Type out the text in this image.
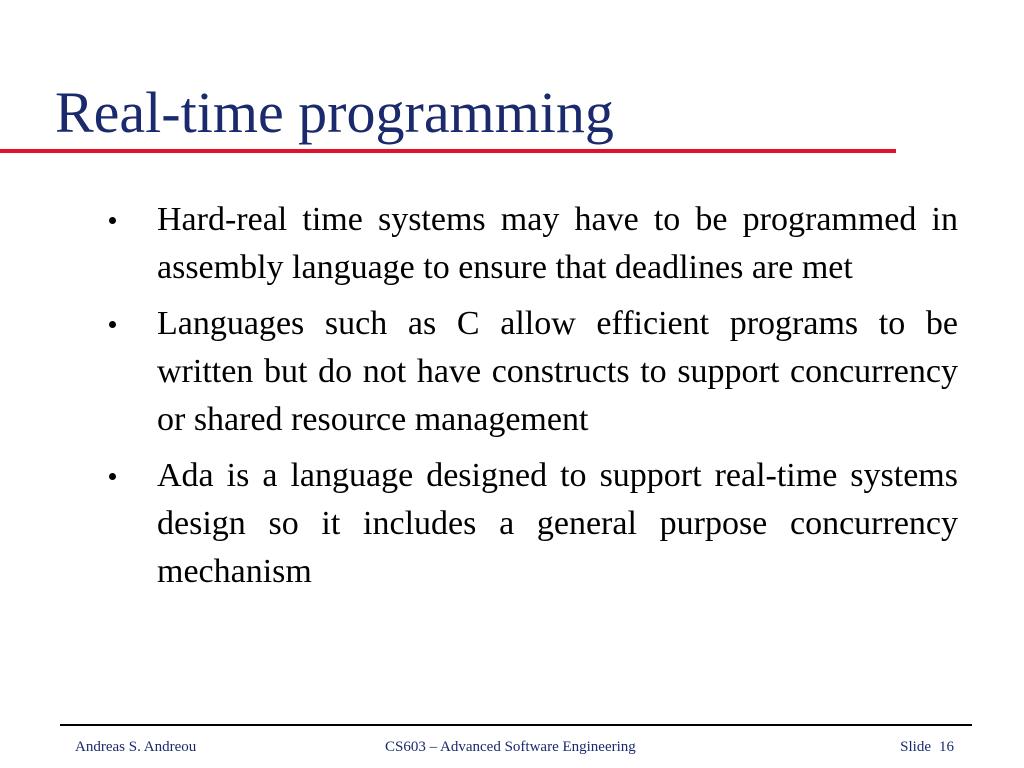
Real-time programming
Hard-real time systems may have to be programmed in assembly language to ensure that deadlines are met
Languages such as C allow efficient programs to be written but do not have constructs to support concurrency or shared resource management
Ada is a language designed to support real-time systems design so it includes a general purpose concurrency mechanism
Andreas S. Andreou	CS603 – Advanced Software Engineering	Slide 16
